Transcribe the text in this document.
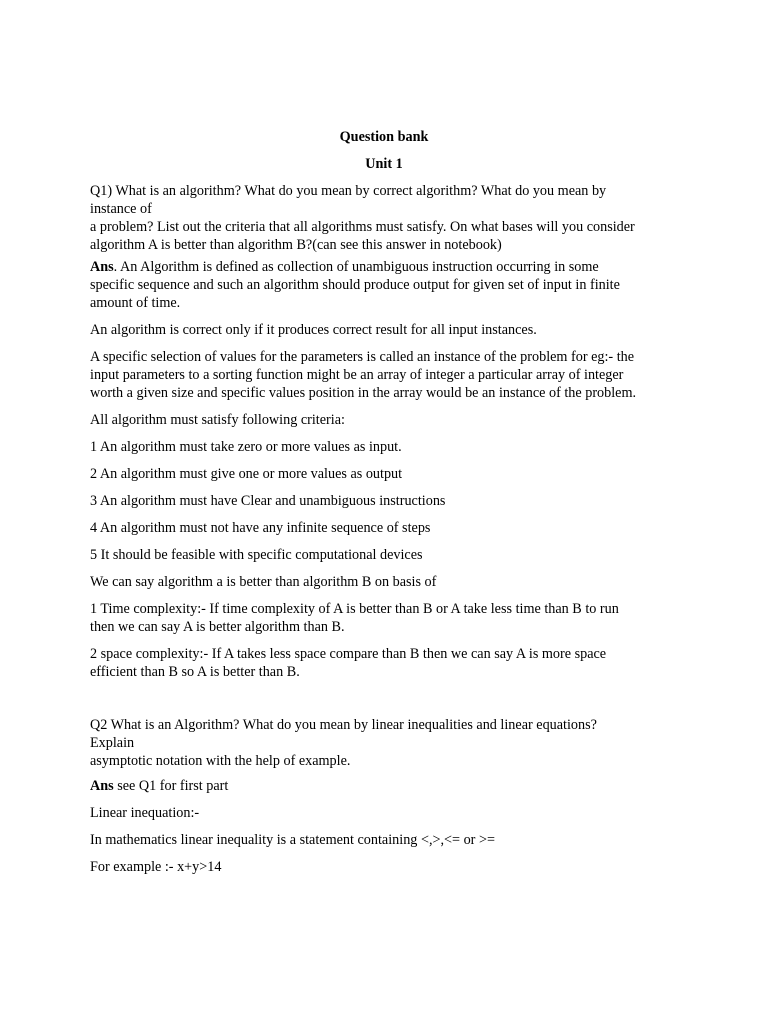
Question bank
Unit 1
Q1) What is an algorithm? What do you mean by correct algorithm? What do you mean by
instance of
a problem? List out the criteria that all algorithms must satisfy. On what bases will you consider
algorithm A is better than algorithm B?(can see this answer in notebook)
Ans. An Algorithm is defined as collection of unambiguous instruction occurring in some
specific sequence and such an algorithm should produce output for given set of input in finite
amount of time.
An algorithm is correct only if it produces correct result for all input instances.
A specific selection of values for the parameters is called an instance of the problem for eg:- the
input parameters to a sorting function might be an array of integer a particular array of integer
worth a given size and specific values position in the array would be an instance of the problem.
All algorithm must satisfy following criteria:
1 An algorithm must take zero or more values as input.
2 An algorithm must give one or more values as output
3 An algorithm must have Clear and unambiguous instructions
4 An algorithm must not have any infinite sequence of steps
5 It should be feasible with specific computational devices
We can say algorithm a is better than algorithm B on basis of
1 Time complexity:- If time complexity of A is better than B or A take less time than B to run
then we can say A is better algorithm than B.
2 space complexity:- If A takes less space compare than B then we can say A is more space
efficient than B so A is better than B.
Q2 What is an Algorithm? What do you mean by linear inequalities and linear equations?
Explain
asymptotic notation with the help of example.
Ans see Q1 for first part
Linear inequation:-
In mathematics linear inequality is a statement containing <,>,<= or >=
For example :- x+y>14
